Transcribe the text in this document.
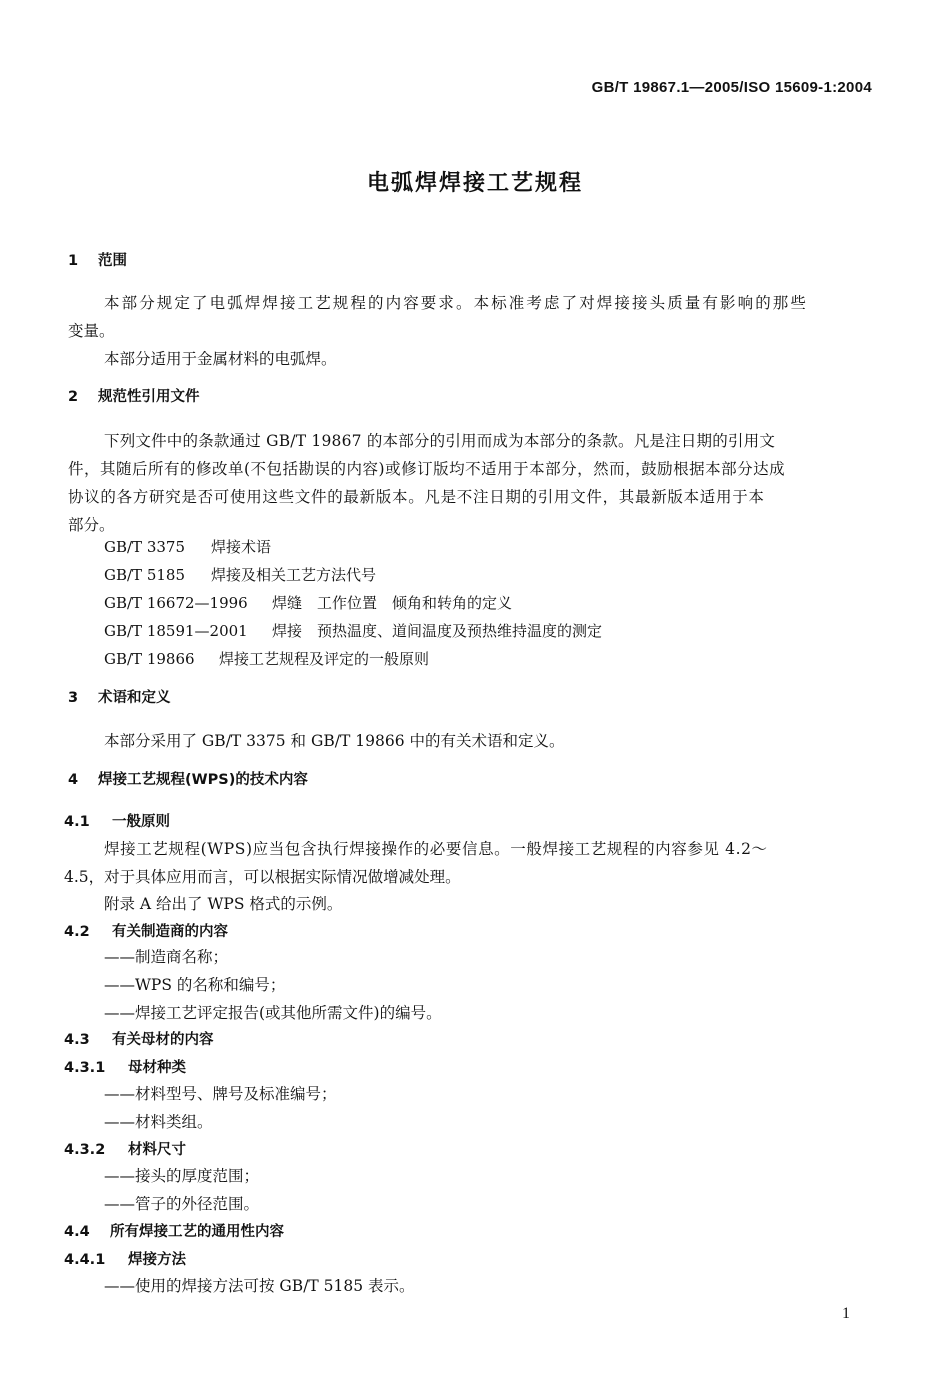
GB/T 19867.1—2005/ISO 15609-1:2004
电弧焊焊接工艺规程
1 范围
本部分规定了电弧焊焊接工艺规程的内容要求。本标准考虑了对焊接接头质量有影响的那些
变量。
本部分适用于金属材料的电弧焊。
2 规范性引用文件
下列文件中的条款通过 GB/T 19867 的本部分的引用而成为本部分的条款。凡是注日期的引用文
件，其随后所有的修改单(不包括勘误的内容)或修订版均不适用于本部分，然而，鼓励根据本部分达成
协议的各方研究是否可使用这些文件的最新版本。凡是不注日期的引用文件，其最新版本适用于本
部分。
GB/T 3375 焊接术语
GB/T 5185 焊接及相关工艺方法代号
GB/T 16672—1996 焊缝　工作位置　倾角和转角的定义
GB/T 18591—2001 焊接　预热温度、道间温度及预热维持温度的测定
GB/T 19866 焊接工艺规程及评定的一般原则
3 术语和定义
本部分采用了 GB/T 3375 和 GB/T 19866 中的有关术语和定义。
4 焊接工艺规程(WPS)的技术内容
4.1 一般原则
焊接工艺规程(WPS)应当包含执行焊接操作的必要信息。一般焊接工艺规程的内容参见 4.2～
4.5，对于具体应用而言，可以根据实际情况做增减处理。
附录 A 给出了 WPS 格式的示例。
4.2 有关制造商的内容
——制造商名称；
——WPS 的名称和编号；
——焊接工艺评定报告(或其他所需文件)的编号。
4.3 有关母材的内容
4.3.1 母材种类
——材料型号、牌号及标准编号；
——材料类组。
4.3.2 材料尺寸
——接头的厚度范围；
——管子的外径范围。
4.4 所有焊接工艺的通用性内容
4.4.1 焊接方法
——使用的焊接方法可按 GB/T 5185 表示。
1
